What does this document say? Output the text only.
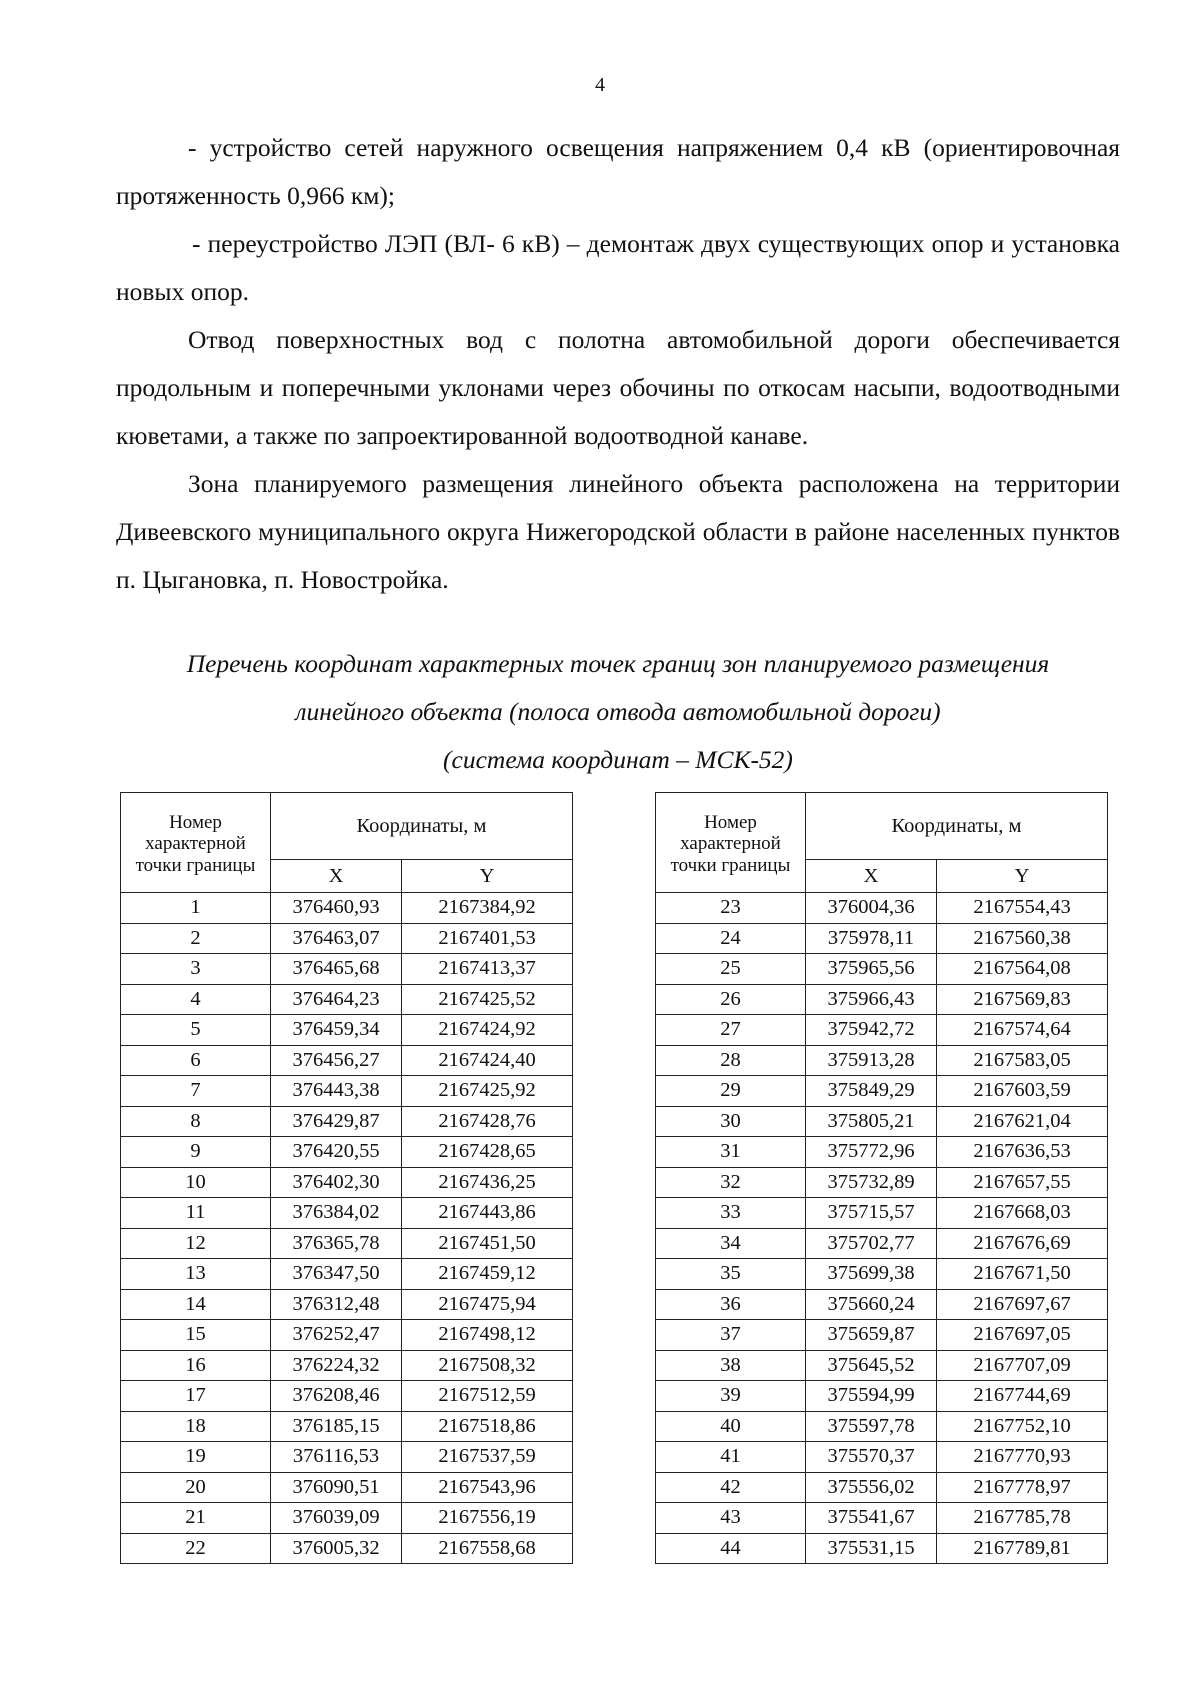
4

- устройство сетей наружного освещения напряжением 0,4 кВ (ориентировочная протяженность 0,966 км);

- переустройство ЛЭП (ВЛ- 6 кВ) – демонтаж двух существующих опор и установка новых опор.

Отвод поверхностных вод с полотна автомобильной дороги обеспечивается продольным и поперечными уклонами через обочины по откосам насыпи, водоотводными кюветами, а также по запроектированной водоотводной канаве.

Зона планируемого размещения линейного объекта расположена на территории Дивеевского муниципального округа Нижегородской области в районе населенных пунктов п. Цыгановка, п. Новостройка.

Перечень координат характерных точек границ зон планируемого размещения
линейного объекта (полоса отвода автомобильной дороги)
(система координат – МСК-52)
Номер характерной точки границы	Координаты, м	
	X	Y
1	376460,93	2167384,92
2	376463,07	2167401,53
3	376465,68	2167413,37
4	376464,23	2167425,52
5	376459,34	2167424,92
6	376456,27	2167424,40
7	376443,38	2167425,92
8	376429,87	2167428,76
9	376420,55	2167428,65
10	376402,30	2167436,25
11	376384,02	2167443,86
12	376365,78	2167451,50
13	376347,50	2167459,12
14	376312,48	2167475,94
15	376252,47	2167498,12
16	376224,32	2167508,32
17	376208,46	2167512,59
18	376185,15	2167518,86
19	376116,53	2167537,59
20	376090,51	2167543,96
21	376039,09	2167556,19
22	376005,32	2167558,68
Номер характерной точки границы	Координаты, м	
	X	Y
23	376004,36	2167554,43
24	375978,11	2167560,38
25	375965,56	2167564,08
26	375966,43	2167569,83
27	375942,72	2167574,64
28	375913,28	2167583,05
29	375849,29	2167603,59
30	375805,21	2167621,04
31	375772,96	2167636,53
32	375732,89	2167657,55
33	375715,57	2167668,03
34	375702,77	2167676,69
35	375699,38	2167671,50
36	375660,24	2167697,67
37	375659,87	2167697,05
38	375645,52	2167707,09
39	375594,99	2167744,69
40	375597,78	2167752,10
41	375570,37	2167770,93
42	375556,02	2167778,97
43	375541,67	2167785,78
44	375531,15	2167789,81
